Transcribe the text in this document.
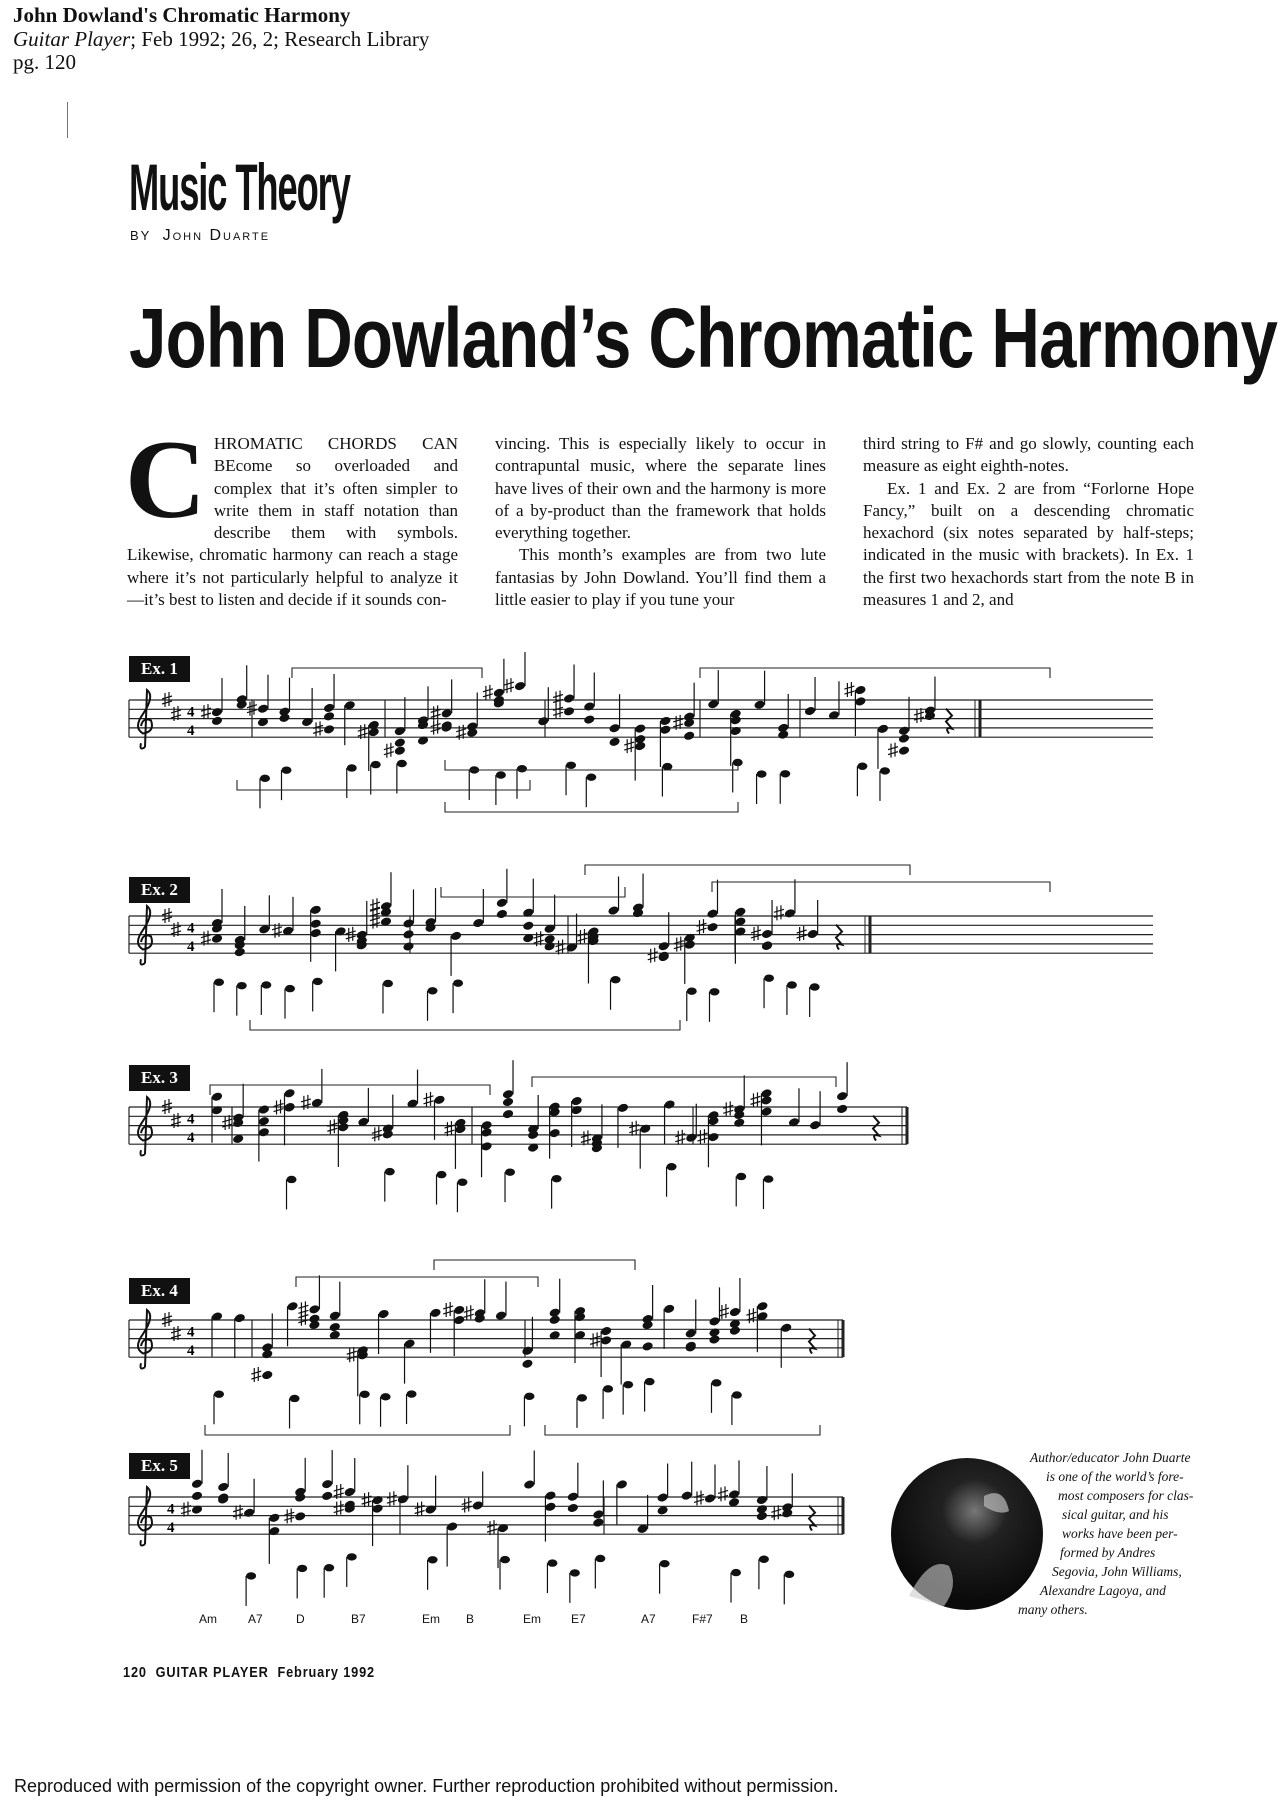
John Dowland's Chromatic Harmony
Guitar Player; Feb 1992; 26, 2; Research Library
pg. 120
Music Theory
BY John Duarte
John Dowland’s Chromatic Harmony

CHROMATIC CHORDS CAN BEcome so overloaded and complex that it’s often simpler to write them in staff notation than describe them with symbols. Likewise, chromatic harmony can reach a stage where it’s not particularly helpful to analyze it—it’s best to listen and decide if it sounds con-

vincing. This is especially likely to occur in contrapuntal music, where the separate lines have lives of their own and the harmony is more of a by-product than the framework that holds everything together.

This month’s examples are from two lute fantasias by John Dowland. You’ll find them a little easier to play if you tune your

third string to F# and go slowly, counting each measure as eight eighth-notes.

Ex. 1 and Ex. 2 are from “Forlorne Hope Fancy,” built on a descending chromatic hexachord (six notes separated by half-steps; indicated in the music with brackets). In Ex. 1 the first two hexachords start from the note B in measures 1 and 2, and

Ex. 1
Ex. 2
Ex. 3
Ex. 4
Ex. 5
4
4
4
4
4
4
4
4
4
4
Am	A7	D	B7	Em B	Em	E7	A7	F#7 B
Author/educator John Duarte
is one of the world’s fore-
most composers for clas-
sical guitar, and his
works have been per-
formed by Andres
Segovia, John Williams,
Alexandre Lagoya, and
many others.
120 GUITAR PLAYER February 1992
Reproduced with permission of the copyright owner. Further reproduction prohibited without permission.
